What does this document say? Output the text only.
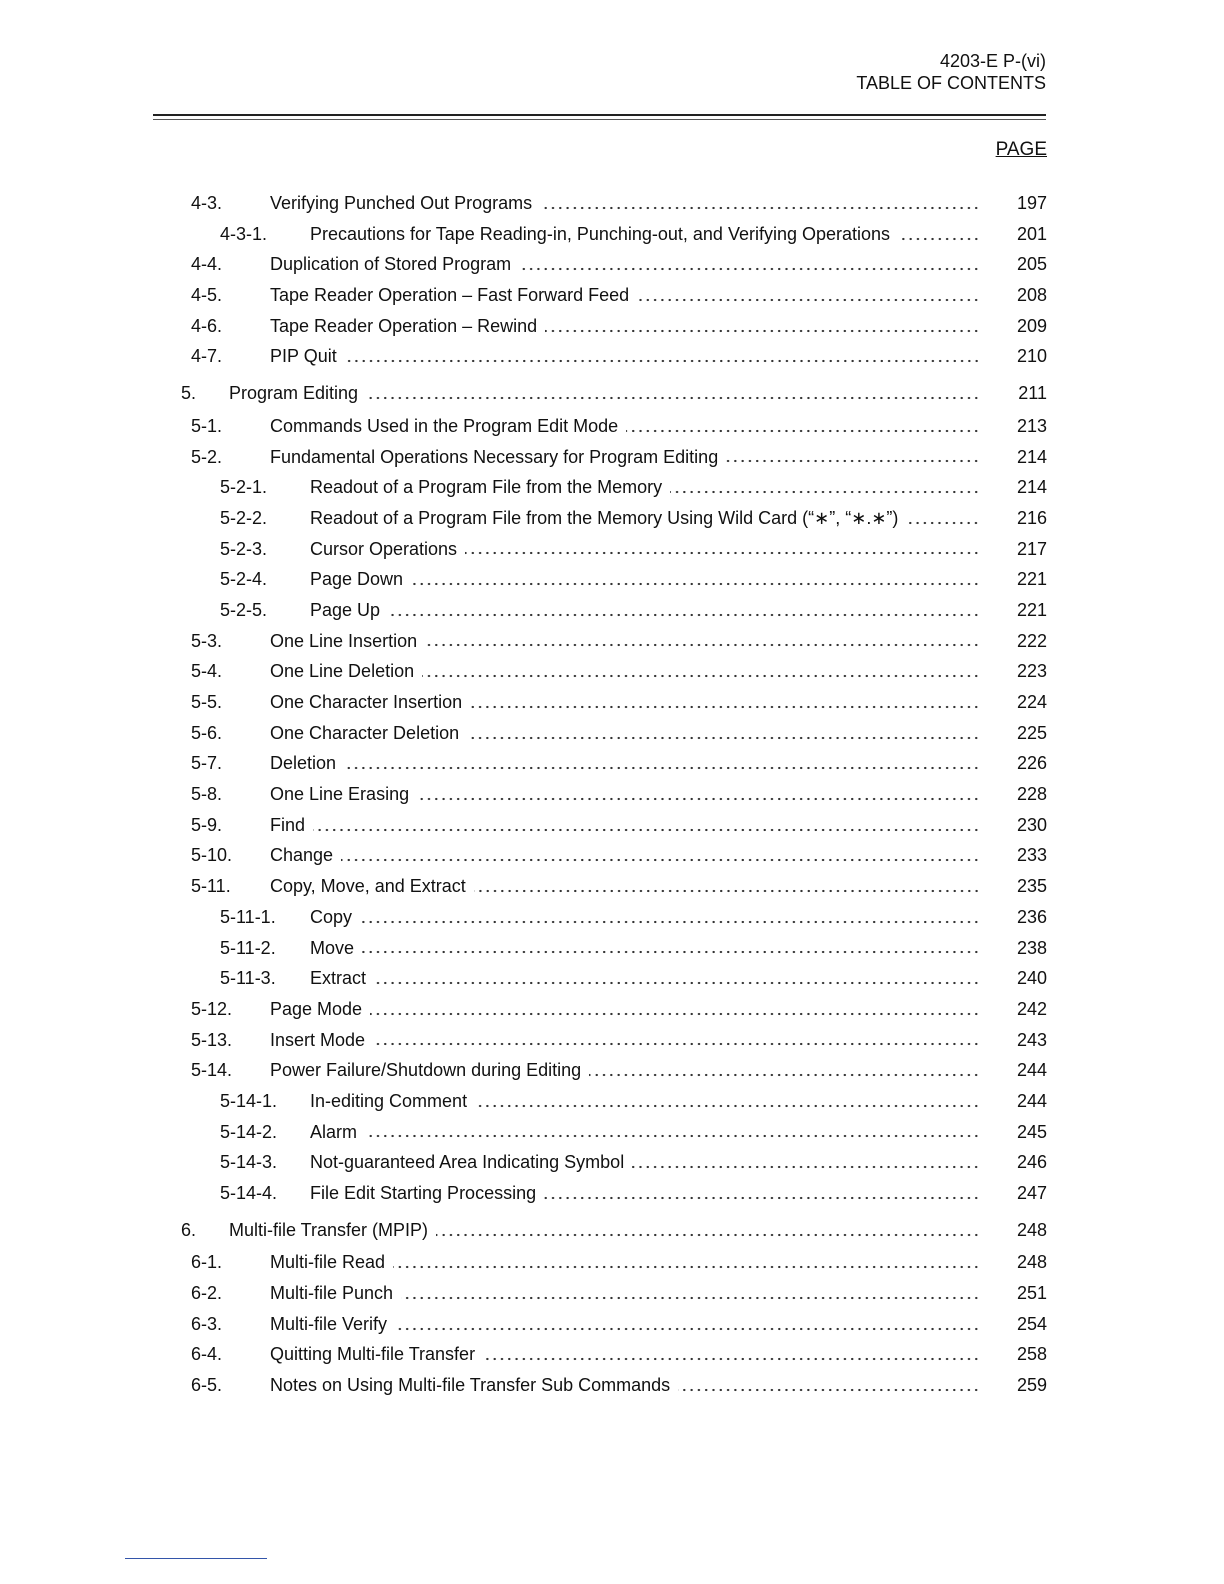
4203-E P-(vi)
TABLE OF CONTENTS
PAGE
4-3.	Verifying Punched Out Programs	197
4-3-1. Precautions for Tape Reading-in, Punching-out, and Verifying Operations	201
4-4.	Duplication of Stored Program	205
4-5.	Tape Reader Operation – Fast Forward Feed	208
4-6.	Tape Reader Operation – Rewind	209
4-7.	PIP Quit	210
5. Program Editing	211
5-1.	Commands Used in the Program Edit Mode	213
5-2.	Fundamental Operations Necessary for Program Editing	214
5-2-1. Readout of a Program File from the Memory	214
5-2-2. Readout of a Program File from the Memory Using Wild Card (“∗”, “∗.∗”)	216
5-2-3. Cursor Operations	217
5-2-4. Page Down	221
5-2-5. Page Up	221
5-3.	One Line Insertion	222
5-4.	One Line Deletion	223
5-5.	One Character Insertion	224
5-6.	One Character Deletion	225
5-7.	Deletion	226
5-8.	One Line Erasing	228
5-9.	Find	230
5-10. Change	233
5-11. Copy, Move, and Extract	235
5-11-1. Copy	236
5-11-2. Move	238
5-11-3. Extract	240
5-12. Page Mode	242
5-13. Insert Mode	243
5-14. Power Failure/Shutdown during Editing	244
5-14-1. In-editing Comment	244
5-14-2. Alarm	245
5-14-3. Not-guaranteed Area Indicating Symbol	246
5-14-4. File Edit Starting Processing	247
6. Multi-file Transfer (MPIP)	248
6-1.	Multi-file Read	248
6-2.	Multi-file Punch	251
6-3.	Multi-file Verify	254
6-4.	Quitting Multi-file Transfer	258
6-5.	Notes on Using Multi-file Transfer Sub Commands	259
